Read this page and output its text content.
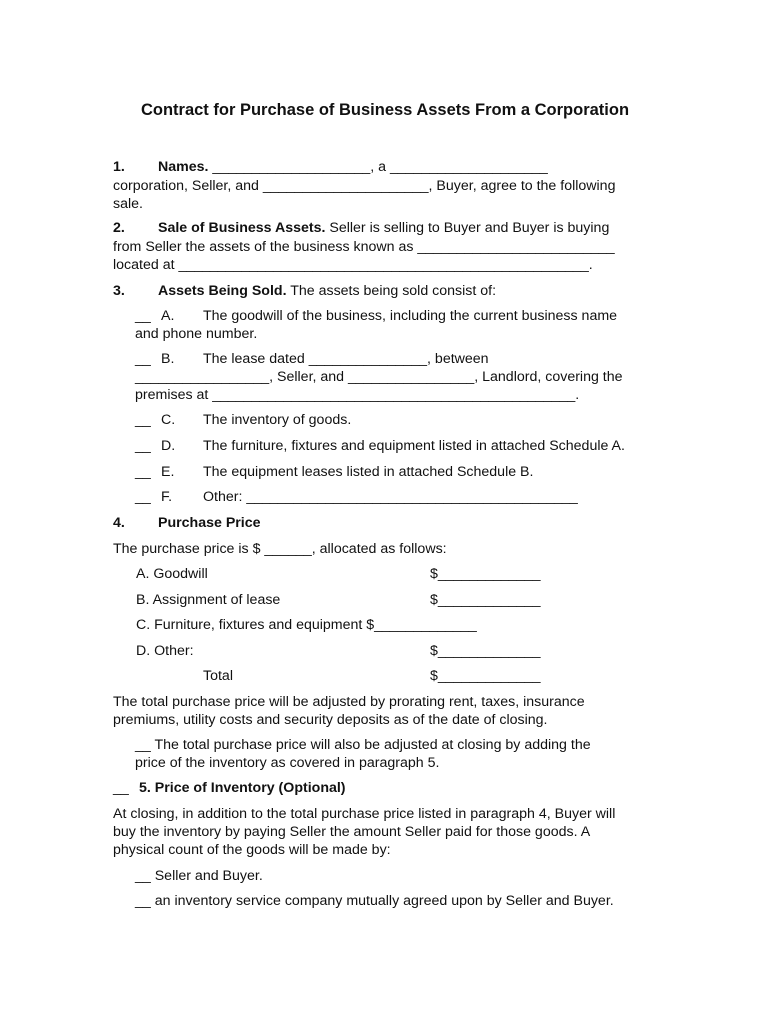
Contract for Purchase of Business Assets From a Corporation
1. Names. ____________________, a ____________________
corporation, Seller, and _____________________, Buyer, agree to the following
sale.
2. Sale of Business Assets. Seller is selling to Buyer and Buyer is buying
from Seller the assets of the business known as _________________________
located at ____________________________________________________.
3. Assets Being Sold. The assets being sold consist of:
__ A. The goodwill of the business, including the current business name
and phone number.
__ B. The lease dated _______________, between
_________________, Seller, and ________________, Landlord, covering the
premises at ______________________________________________.
__ C. The inventory of goods.
__ D. The furniture, fixtures and equipment listed in attached Schedule A.
__ E. The equipment leases listed in attached Schedule B.
__ F. Other: __________________________________________
4. Purchase Price
The purchase price is $ ______, allocated as follows:
A. Goodwill	$_____________
B. Assignment of lease	$_____________
C. Furniture, fixtures and equipment $_____________
D. Other:	$_____________
Total	$_____________
The total purchase price will be adjusted by prorating rent, taxes, insurance
premiums, utility costs and security deposits as of the date of closing.
__ The total purchase price will also be adjusted at closing by adding the
price of the inventory as covered in paragraph 5.
__ 5. Price of Inventory (Optional)
At closing, in addition to the total purchase price listed in paragraph 4, Buyer will
buy the inventory by paying Seller the amount Seller paid for those goods. A
physical count of the goods will be made by:
__ Seller and Buyer.
__ an inventory service company mutually agreed upon by Seller and Buyer.
